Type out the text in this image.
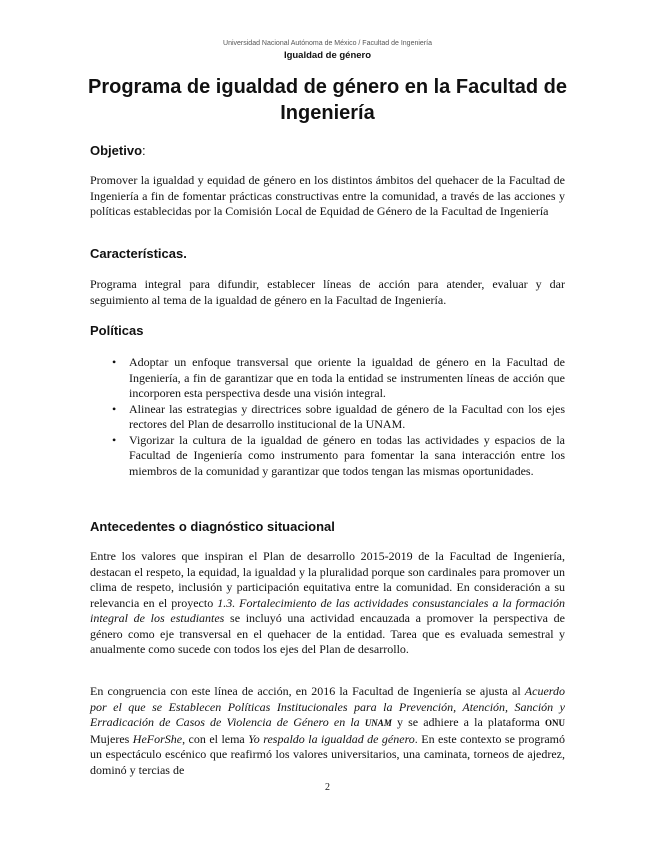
Universidad Nacional Autónoma de México / Facultad de Ingeniería
Igualdad de género
Programa de igualdad de género en la Facultad de Ingeniería
Objetivo:

Promover la igualdad y equidad de género en los distintos ámbitos del quehacer de la Facultad de Ingeniería a fin de fomentar prácticas constructivas entre la comunidad, a través de las acciones y políticas establecidas por la Comisión Local de Equidad de Género de la Facultad de Ingeniería

Características.

Programa integral para difundir, establecer líneas de acción para atender, evaluar y dar seguimiento al tema de la igualdad de género en la Facultad de Ingeniería.

Políticas
• Adoptar un enfoque transversal que oriente la igualdad de género en la Facultad de Ingeniería, a fin de garantizar que en toda la entidad se instrumenten líneas de acción que incorporen esta perspectiva desde una visión integral.
• Alinear las estrategias y directrices sobre igualdad de género de la Facultad con los ejes rectores del Plan de desarrollo institucional de la UNAM.
• Vigorizar la cultura de la igualdad de género en todas las actividades y espacios de la Facultad de Ingeniería como instrumento para fomentar la sana interacción entre los miembros de la comunidad y garantizar que todos tengan las mismas oportunidades.
Antecedentes o diagnóstico situacional

Entre los valores que inspiran el Plan de desarrollo 2015-2019 de la Facultad de Ingeniería, destacan el respeto, la equidad, la igualdad y la pluralidad porque son cardinales para promover un clima de respeto, inclusión y participación equitativa entre la comunidad. En consideración a su relevancia en el proyecto 1.3. Fortalecimiento de las actividades consustanciales a la formación integral de los estudiantes se incluyó una actividad encauzada a promover la perspectiva de género como eje transversal en el quehacer de la entidad. Tarea que es evaluada semestral y anualmente como sucede con todos los ejes del Plan de desarrollo.

En congruencia con este línea de acción, en 2016 la Facultad de Ingeniería se ajusta al Acuerdo por el que se Establecen Políticas Institucionales para la Prevención, Atención, Sanción y Erradicación de Casos de Violencia de Género en la UNAM y se adhiere a la plataforma ONU Mujeres HeForShe, con el lema Yo respaldo la igualdad de género. En este contexto se programó un espectáculo escénico que reafirmó los valores universitarios, una caminata, torneos de ajedrez, dominó y tercias de

2
